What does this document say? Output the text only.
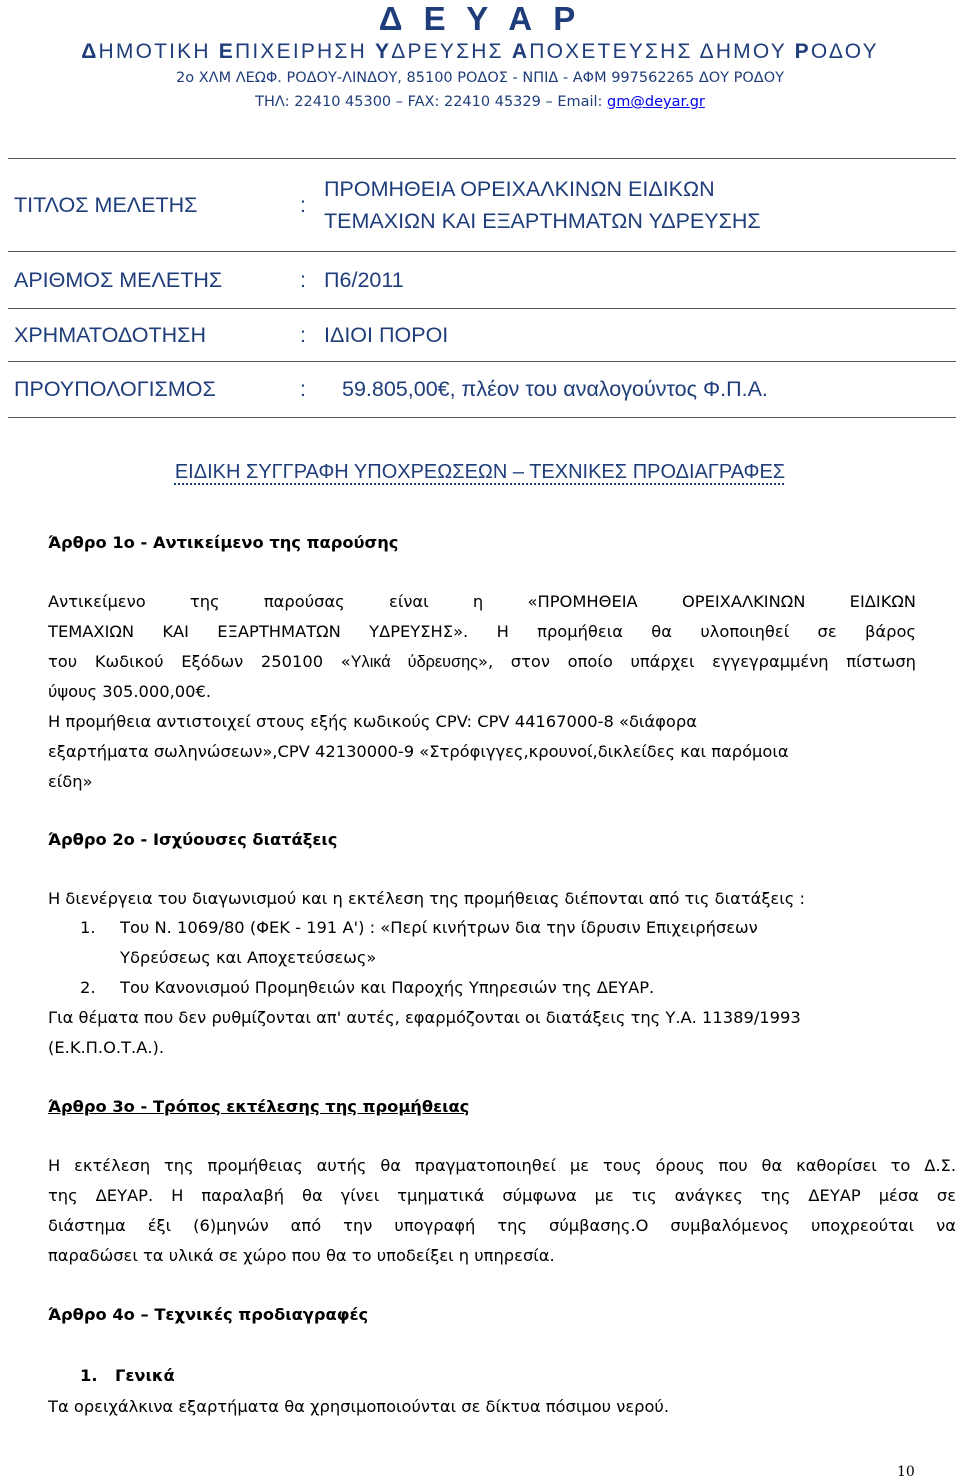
Δ Ε Υ Α Ρ
ΔΗΜΟΤΙΚΗ ΕΠΙΧΕΙΡΗΣΗ ΥΔΡΕΥΣΗΣ ΑΠΟΧΕΤΕΥΣΗΣ ΔΗΜΟΥ ΡΟΔΟΥ
2ο ΧΛΜ ΛΕΩΦ. ΡΟΔΟΥ-ΛΙΝΔΟΥ, 85100 ΡΟΔΟΣ - ΝΠΙΔ - ΑΦΜ 997562265 ΔΟΥ ΡΟΔΟΥ
ΤΗΛ: 22410 45300 – FAX: 22410 45329 – Email: gm@deyar.gr
ΤΙΤΛΟΣ ΜΕΛΕΤΗΣ	:	ΠΡΟΜΗΘΕΙΑ ΟΡΕΙΧΑΛΚΙΝΩΝ ΕΙΔΙΚΩΝ
ΤΕΜΑΧΙΩΝ ΚΑΙ ΕΞΑΡΤΗΜΑΤΩΝ ΥΔΡΕΥΣΗΣ
ΑΡΙΘΜΟΣ ΜΕΛΕΤΗΣ	:	Π6/2011
ΧΡΗΜΑΤΟΔΟΤΗΣΗ	:	ΙΔΙΟΙ ΠΟΡΟΙ
ΠΡΟΥΠΟΛΟΓΙΣΜΟΣ	:	59.805,00€, πλέον του αναλογούντος Φ.Π.Α.
ΕΙΔΙΚΗ ΣΥΓΓΡΑΦΗ ΥΠΟΧΡΕΩΣΕΩΝ – ΤΕΧΝΙΚΕΣ ΠΡΟΔΙΑΓΡΑΦΕΣ
Άρθρο 1ο - Αντικείμενο της παρούσης
Αντικείμενο της παρούσας είναι η «ΠΡΟΜΗΘΕΙΑ ΟΡΕΙΧΑΛΚΙΝΩΝ ΕΙΔΙΚΩΝ
ΤΕΜΑΧΙΩΝ ΚΑΙ ΕΞΑΡΤΗΜΑΤΩΝ ΥΔΡΕΥΣΗΣ». Η προμήθεια θα υλοποιηθεί σε βάρος
του Κωδικού Εξόδων 250100 «Υλικά ύδρευσης», στον οποίο υπάρχει εγγεγραμμένη πίστωση
ύψους 305.000,00€.
Η προμήθεια αντιστοιχεί στους εξής κωδικούς CPV: CPV 44167000-8 «διάφορα
εξαρτήματα σωληνώσεων»,CPV 42130000-9 «Στρόφιγγες,κρουνοί,δικλείδες και παρόμοια
είδη»
Άρθρο 2ο - Ισχύουσες διατάξεις
Η διενέργεια του διαγωνισμού και η εκτέλεση της προμήθειας διέπονται από τις διατάξεις :
1. Του Ν. 1069/80 (ΦΕΚ - 191 Α') : «Περί κινήτρων δια την ίδρυσιν Επιχειρήσεων
Υδρεύσεως και Αποχετεύσεως»
2. Του Κανονισμού Προμηθειών και Παροχής Υπηρεσιών της ΔΕΥΑΡ.
Για θέματα που δεν ρυθμίζονται απ' αυτές, εφαρμόζονται οι διατάξεις της Υ.Α. 11389/1993
(Ε.Κ.Π.Ο.Τ.Α.).
Άρθρο 3ο - Τρόπος εκτέλεσης της προμήθειας
Η εκτέλεση της προμήθειας αυτής θα πραγματοποιηθεί με τους όρους που θα καθορίσει το Δ.Σ.
της ΔΕΥΑΡ. Η παραλαβή θα γίνει τμηματικά σύμφωνα με τις ανάγκες της ΔΕΥΑΡ μέσα σε
διάστημα έξι (6)μηνών από την υπογραφή της σύμβασης.Ο συμβαλόμενος υποχρεούται να
παραδώσει τα υλικά σε χώρο που θα το υποδείξει η υπηρεσία.
Άρθρο 4ο – Τεχνικές προδιαγραφές
1. Γενικά
Τα ορειχάλκινα εξαρτήματα θα χρησιμοποιούνται σε δίκτυα πόσιμου νερού.
10
